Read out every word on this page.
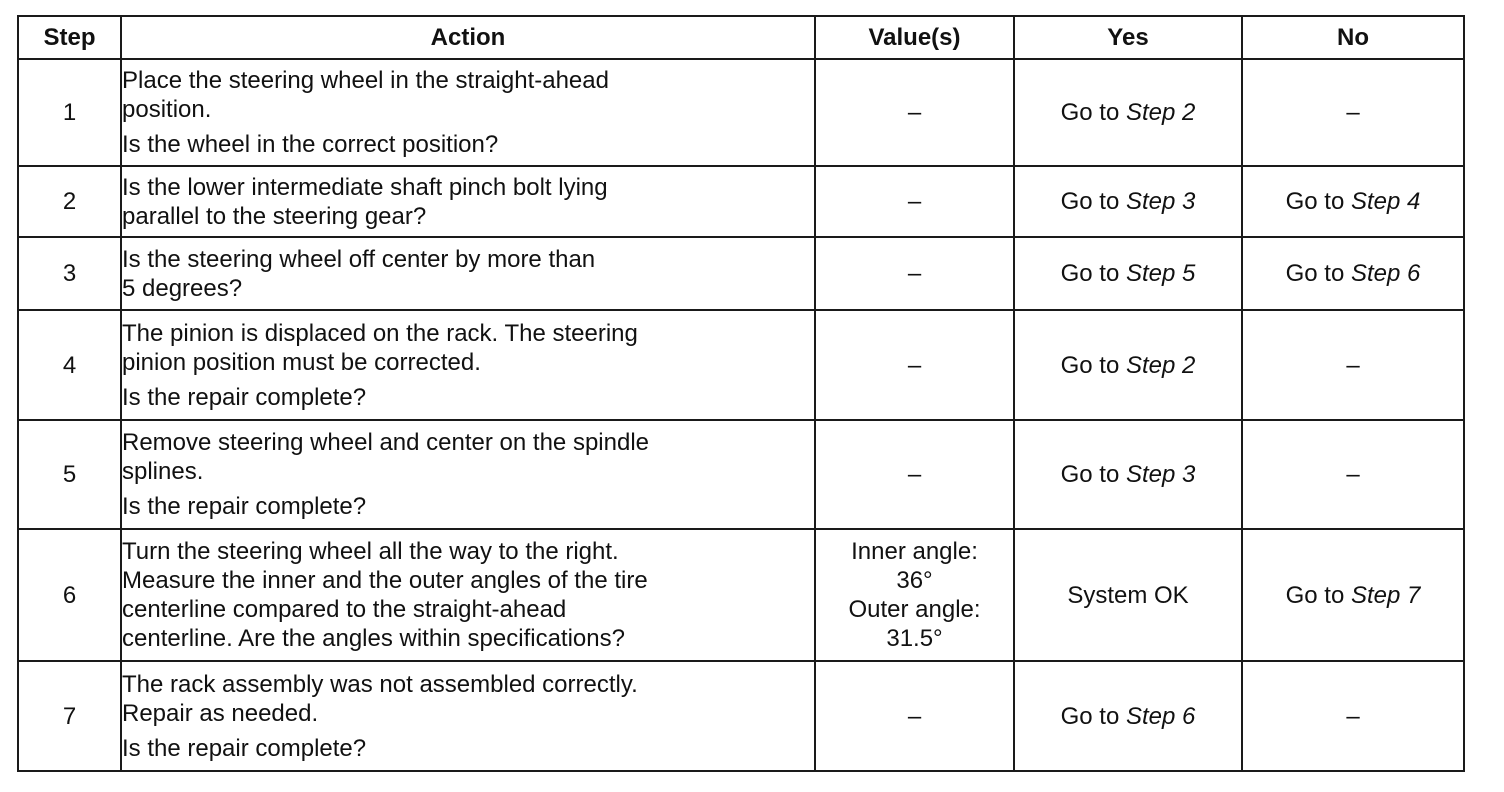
Step	Action	Value(s)	Yes	No
1	Place the steering wheel in the straight-ahead
position.
Is the wheel in the correct position?	–	Go to Step 2	–
2	Is the lower intermediate shaft pinch bolt lying
parallel to the steering gear?	–	Go to Step 3	Go to Step 4
3	Is the steering wheel off center by more than
5 degrees?	–	Go to Step 5	Go to Step 6
4	The pinion is displaced on the rack. The steering
pinion position must be corrected.
Is the repair complete?	–	Go to Step 2	–
5	Remove steering wheel and center on the spindle
splines.
Is the repair complete?	–	Go to Step 3	–
6	Turn the steering wheel all the way to the right.
Measure the inner and the outer angles of the tire
centerline compared to the straight-ahead
centerline. Are the angles within specifications?	Inner angle:
36°
Outer angle:
31.5°	System OK	Go to Step 7
7	The rack assembly was not assembled correctly.
Repair as needed.
Is the repair complete?	–	Go to Step 6	–
